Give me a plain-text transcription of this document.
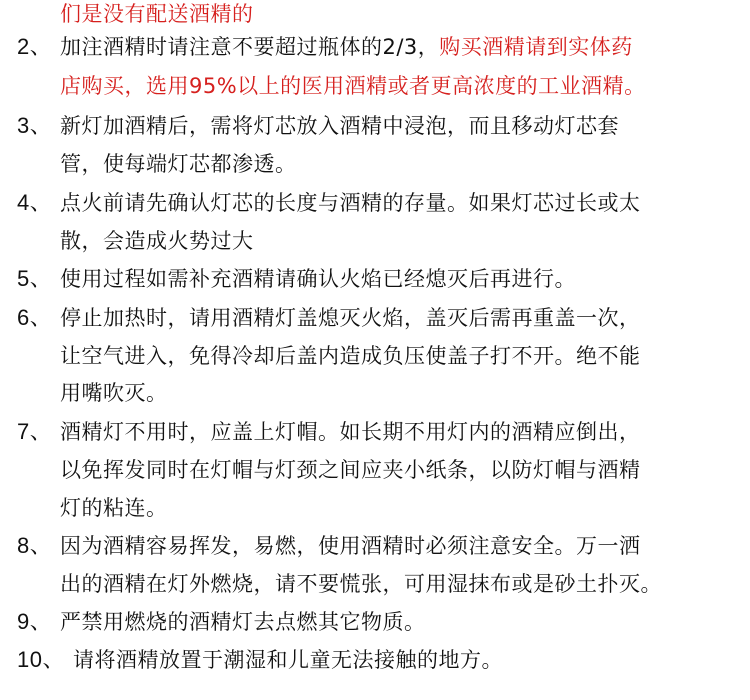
们是没有配送酒精的
2、 加注酒精时请注意不要超过瓶体的2/3，购买酒精请到实体药
店购买，选用95%以上的医用酒精或者更高浓度的工业酒精。
3、 新灯加酒精后，需将灯芯放入酒精中浸泡，而且移动灯芯套
管，使每端灯芯都渗透。
4、 点火前请先确认灯芯的长度与酒精的存量。如果灯芯过长或太
散，会造成火势过大
5、 使用过程如需补充酒精请确认火焰已经熄灭后再进行。
6、 停止加热时，请用酒精灯盖熄灭火焰，盖灭后需再重盖一次，
让空气进入，免得冷却后盖内造成负压使盖子打不开。绝不能
用嘴吹灭。
7、 酒精灯不用时，应盖上灯帽。如长期不用灯内的酒精应倒出，
以免挥发同时在灯帽与灯颈之间应夹小纸条，以防灯帽与酒精
灯的粘连。
8、 因为酒精容易挥发，易燃，使用酒精时必须注意安全。万一洒
出的酒精在灯外燃烧，请不要慌张，可用湿抹布或是砂土扑灭。
9、 严禁用燃烧的酒精灯去点燃其它物质。
10、 请将酒精放置于潮湿和儿童无法接触的地方。
